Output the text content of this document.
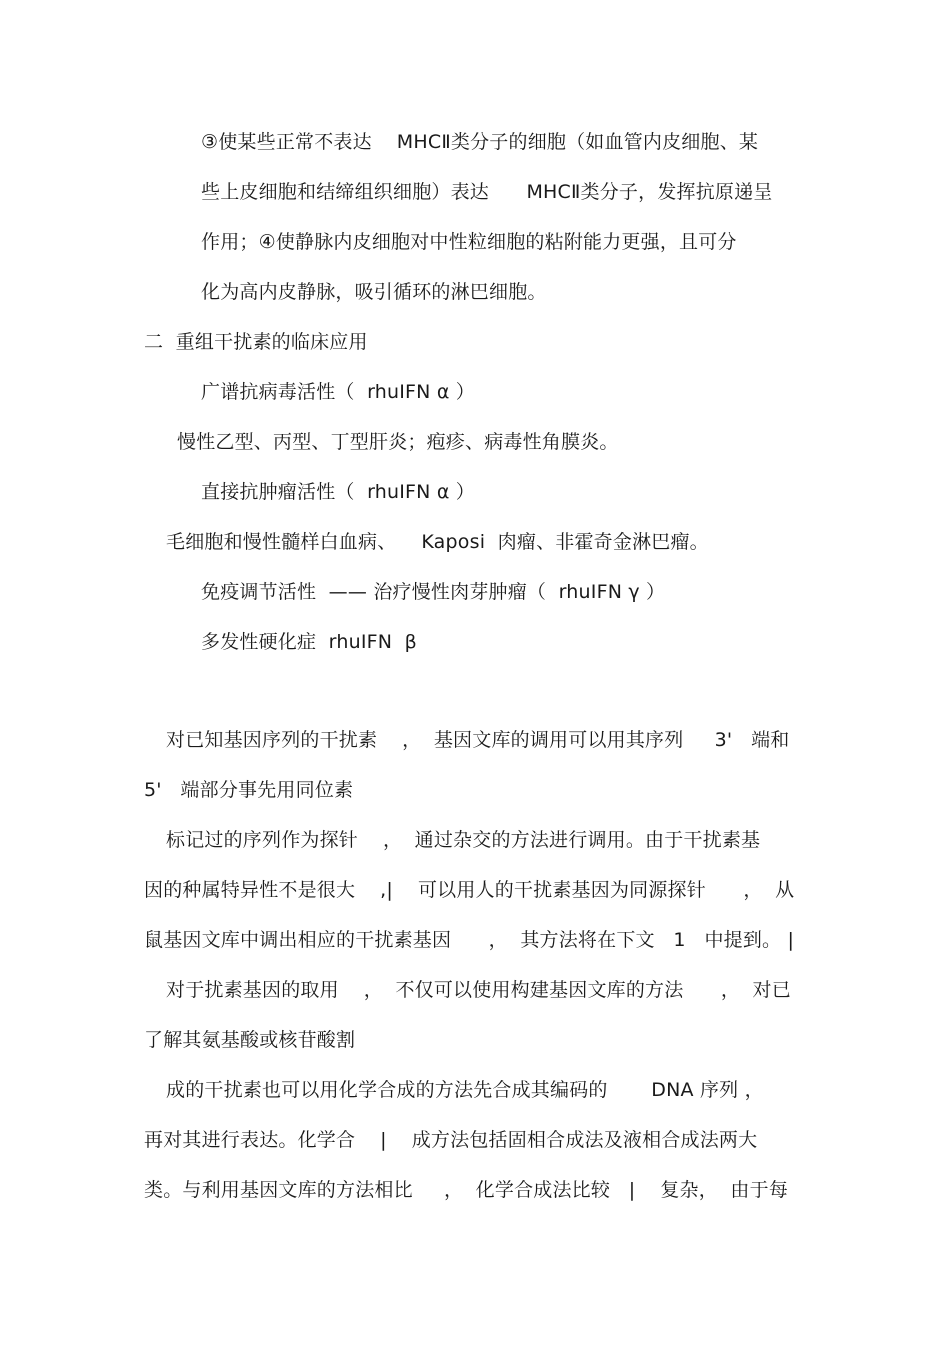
③使某些正常不表达    MHCⅡ类分子的细胞（如血管内皮细胞、某
些上皮细胞和结缔组织细胞）表达      MHCⅡ类分子，发挥抗原递呈
作用；④使静脉内皮细胞对中性粒细胞的粘附能力更强，且可分
化为高内皮静脉，吸引循环的淋巴细胞。
二  重组干扰素的临床应用
广谱抗病毒活性（  rhuIFN α ）
慢性乙型、丙型、丁型肝炎；疱疹、病毒性角膜炎。
直接抗肿瘤活性（  rhuIFN α ）
毛细胞和慢性髓样白血病、    Kaposi  肉瘤、非霍奇金淋巴瘤。
免疫调节活性  —— 治疗慢性肉芽肿瘤（  rhuIFN γ ）
多发性硬化症  rhuIFN  β
对已知基因序列的干扰素    ，  基因文库的调用可以用其序列     3'   端和
5'   端部分事先用同位素
标记过的序列作为探针    ，  通过杂交的方法进行调用。由于干扰素基
因的种属特异性不是很大    ,|    可以用人的干扰素基因为同源探针      ，  从
鼠基因文库中调出相应的干扰素基因      ，  其方法将在下文   1   中提到。 |
对于扰素基因的取用    ，  不仅可以使用构建基因文库的方法      ，  对已
了解其氨基酸或核苷酸割
成的干扰素也可以用化学合成的方法先合成其编码的       DNA 序列 ，
再对其进行表达。化学合    |    成方法包括固相合成法及液相合成法两大
类。与利用基因文库的方法相比     ，  化学合成法比较   |    复杂，  由于每
